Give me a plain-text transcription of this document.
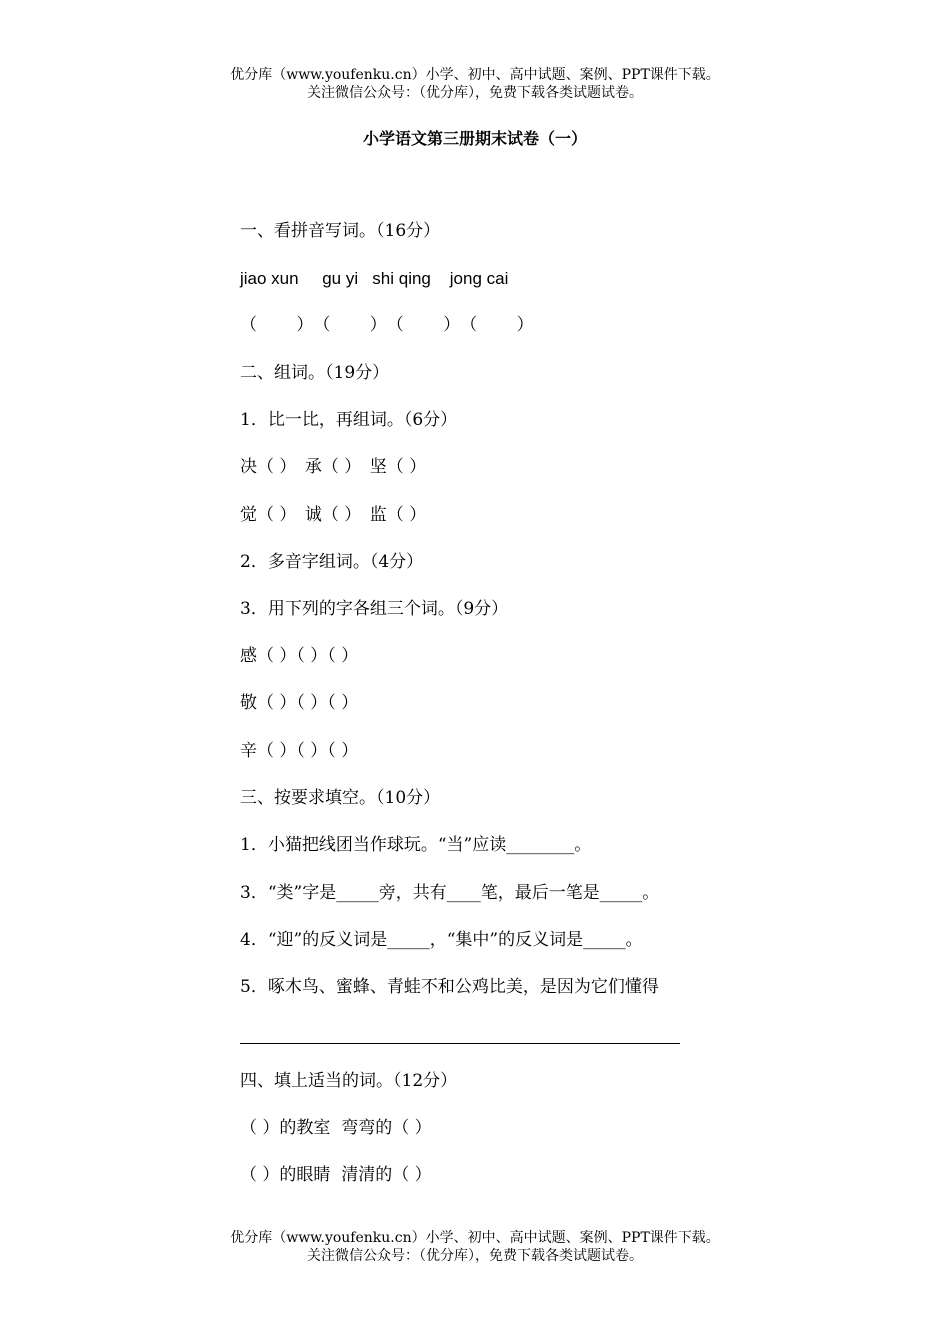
优分库（www.youfenku.cn）小学、初中、高中试题、案例、PPT课件下载。
关注微信公众号：（优分库），免费下载各类试题试卷。
小学语文第三册期末试卷（一）
一、看拼音写词。（16分）
jiao xun     gu yi   shi qing    jong cai
（　 　）　（　 　）　（　 　）　（　 　）
二、组词。（19分）
1．比一比，再组词。（6分）
决（ ）　承（ ）　坚（ ）
觉（ ）　诚（ ）　监（ ）
2．多音字组词。（4分）
3．用下列的字各组三个词。（9分）
感（ ）（ ）（ ）
敬（ ）（ ）（ ）
辛（ ）（ ）（ ）
三、按要求填空。（10分）
1．小猫把线团当作球玩。“当”应读________。
3．“类”字是_____旁，共有____笔，最后一笔是_____。
4．“迎”的反义词是_____，“集中”的反义词是_____。
5．啄木鸟、蜜蜂、青蛙不和公鸡比美，是因为它们懂得
四、填上适当的词。（12分）
（ ）的教室  弯弯的（ ）
（ ）的眼睛  清清的（ ）
优分库（www.youfenku.cn）小学、初中、高中试题、案例、PPT课件下载。
关注微信公众号：（优分库），免费下载各类试题试卷。
